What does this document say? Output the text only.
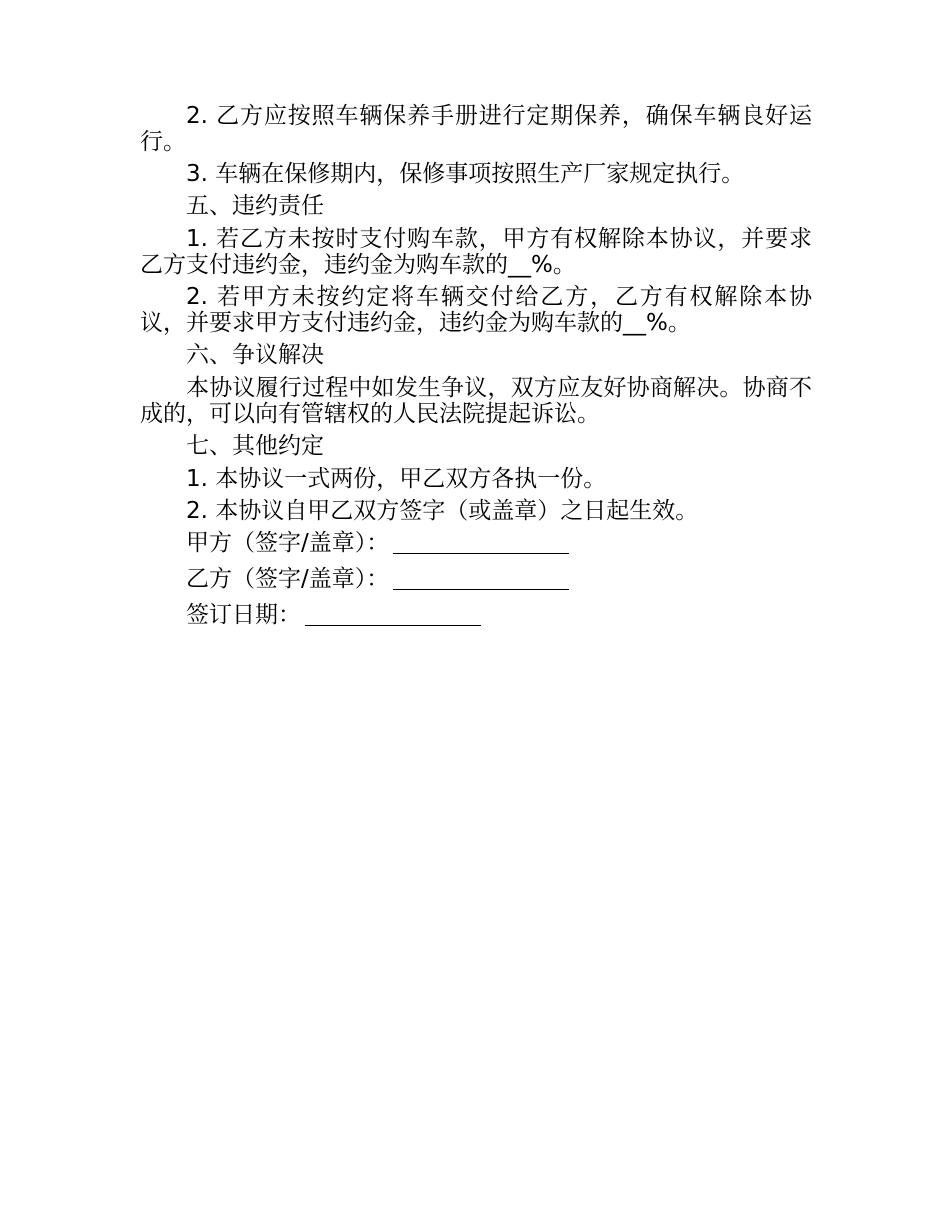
2. 乙方应按照车辆保养手册进行定期保养，确保车辆良好运行。

3. 车辆在保修期内，保修事项按照生产厂家规定执行。

五、违约责任

1. 若乙方未按时支付购车款，甲方有权解除本协议，并要求乙方支付违约金，违约金为购车款的__%。

2. 若甲方未按约定将车辆交付给乙方，乙方有权解除本协议，并要求甲方支付违约金，违约金为购车款的__%。

六、争议解决

本协议履行过程中如发生争议，双方应友好协商解决。协商不成的，可以向有管辖权的人民法院提起诉讼。

七、其他约定

1. 本协议一式两份，甲乙双方各执一份。

2. 本协议自甲乙双方签字（或盖章）之日起生效。

甲方（签字/盖章）：
乙方（签字/盖章）：
签订日期：
